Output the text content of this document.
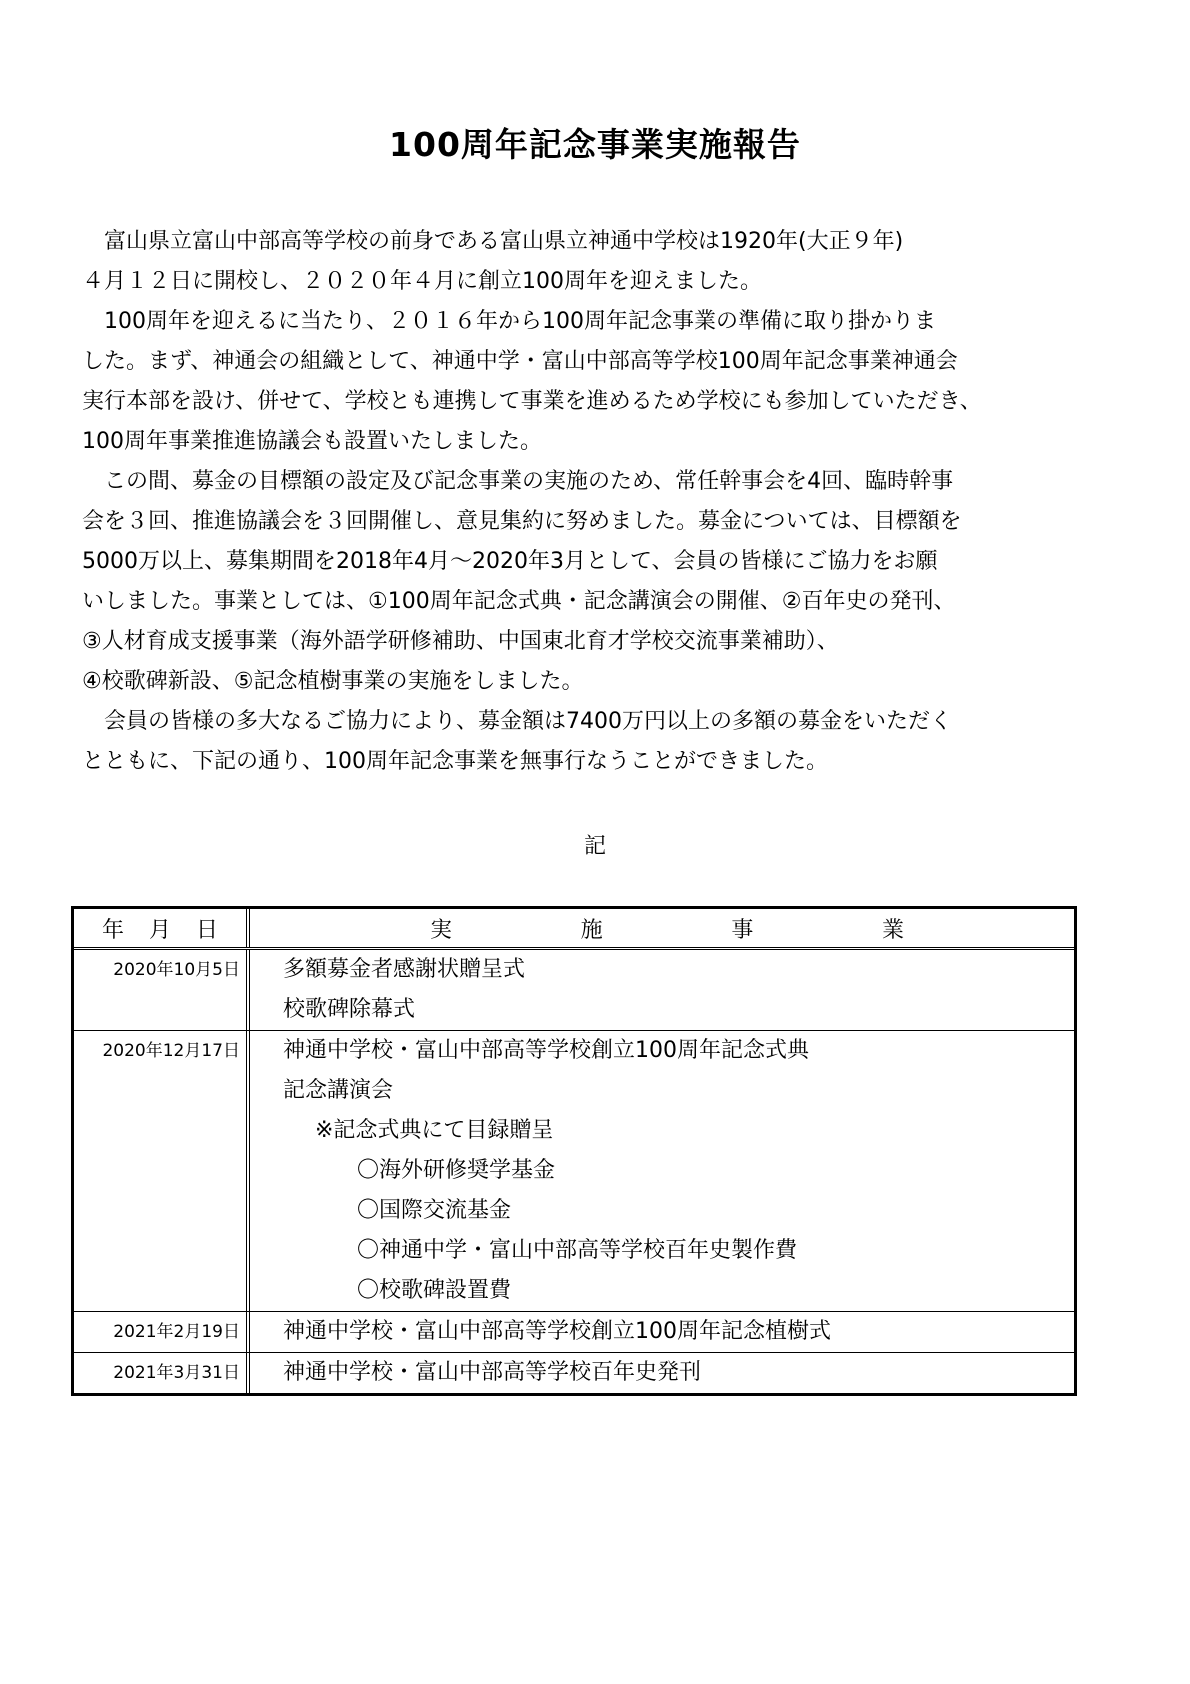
100周年記念事業実施報告
　富山県立富山中部高等学校の前身である富山県立神通中学校は1920年(大正９年)
４月１２日に開校し、２０２０年４月に創立100周年を迎えました。
　100周年を迎えるに当たり、２０１６年から100周年記念事業の準備に取り掛かりま
した。まず、神通会の組織として、神通中学・富山中部高等学校100周年記念事業神通会
実行本部を設け、併せて、学校とも連携して事業を進めるため学校にも参加していただき、
100周年事業推進協議会も設置いたしました。
　この間、募金の目標額の設定及び記念事業の実施のため、常任幹事会を4回、臨時幹事
会を３回、推進協議会を３回開催し、意見集約に努めました。募金については、目標額を
5000万以上、募集期間を2018年4月～2020年3月として、会員の皆様にご協力をお願
いしました。事業としては、①100周年記念式典・記念講演会の開催、②百年史の発刊、
③人材育成支援事業（海外語学研修補助、中国東北育才学校交流事業補助）、
④校歌碑新設、⑤記念植樹事業の実施をしました。
　会員の皆様の多大なるご協力により、募金額は7400万円以上の多額の募金をいただく
とともに、下記の通り、100周年記念事業を無事行なうことができました。
記
年 月 日	実	施	事	業
2020年10月5日	多額募金者感謝状贈呈式
校歌碑除幕式
2020年12月17日	神通中学校・富山中部高等学校創立100周年記念式典
記念講演会
※記念式典にて目録贈呈
〇海外研修奨学基金
〇国際交流基金
〇神通中学・富山中部高等学校百年史製作費
〇校歌碑設置費
2021年2月19日	神通中学校・富山中部高等学校創立100周年記念植樹式
2021年3月31日	神通中学校・富山中部高等学校百年史発刊
